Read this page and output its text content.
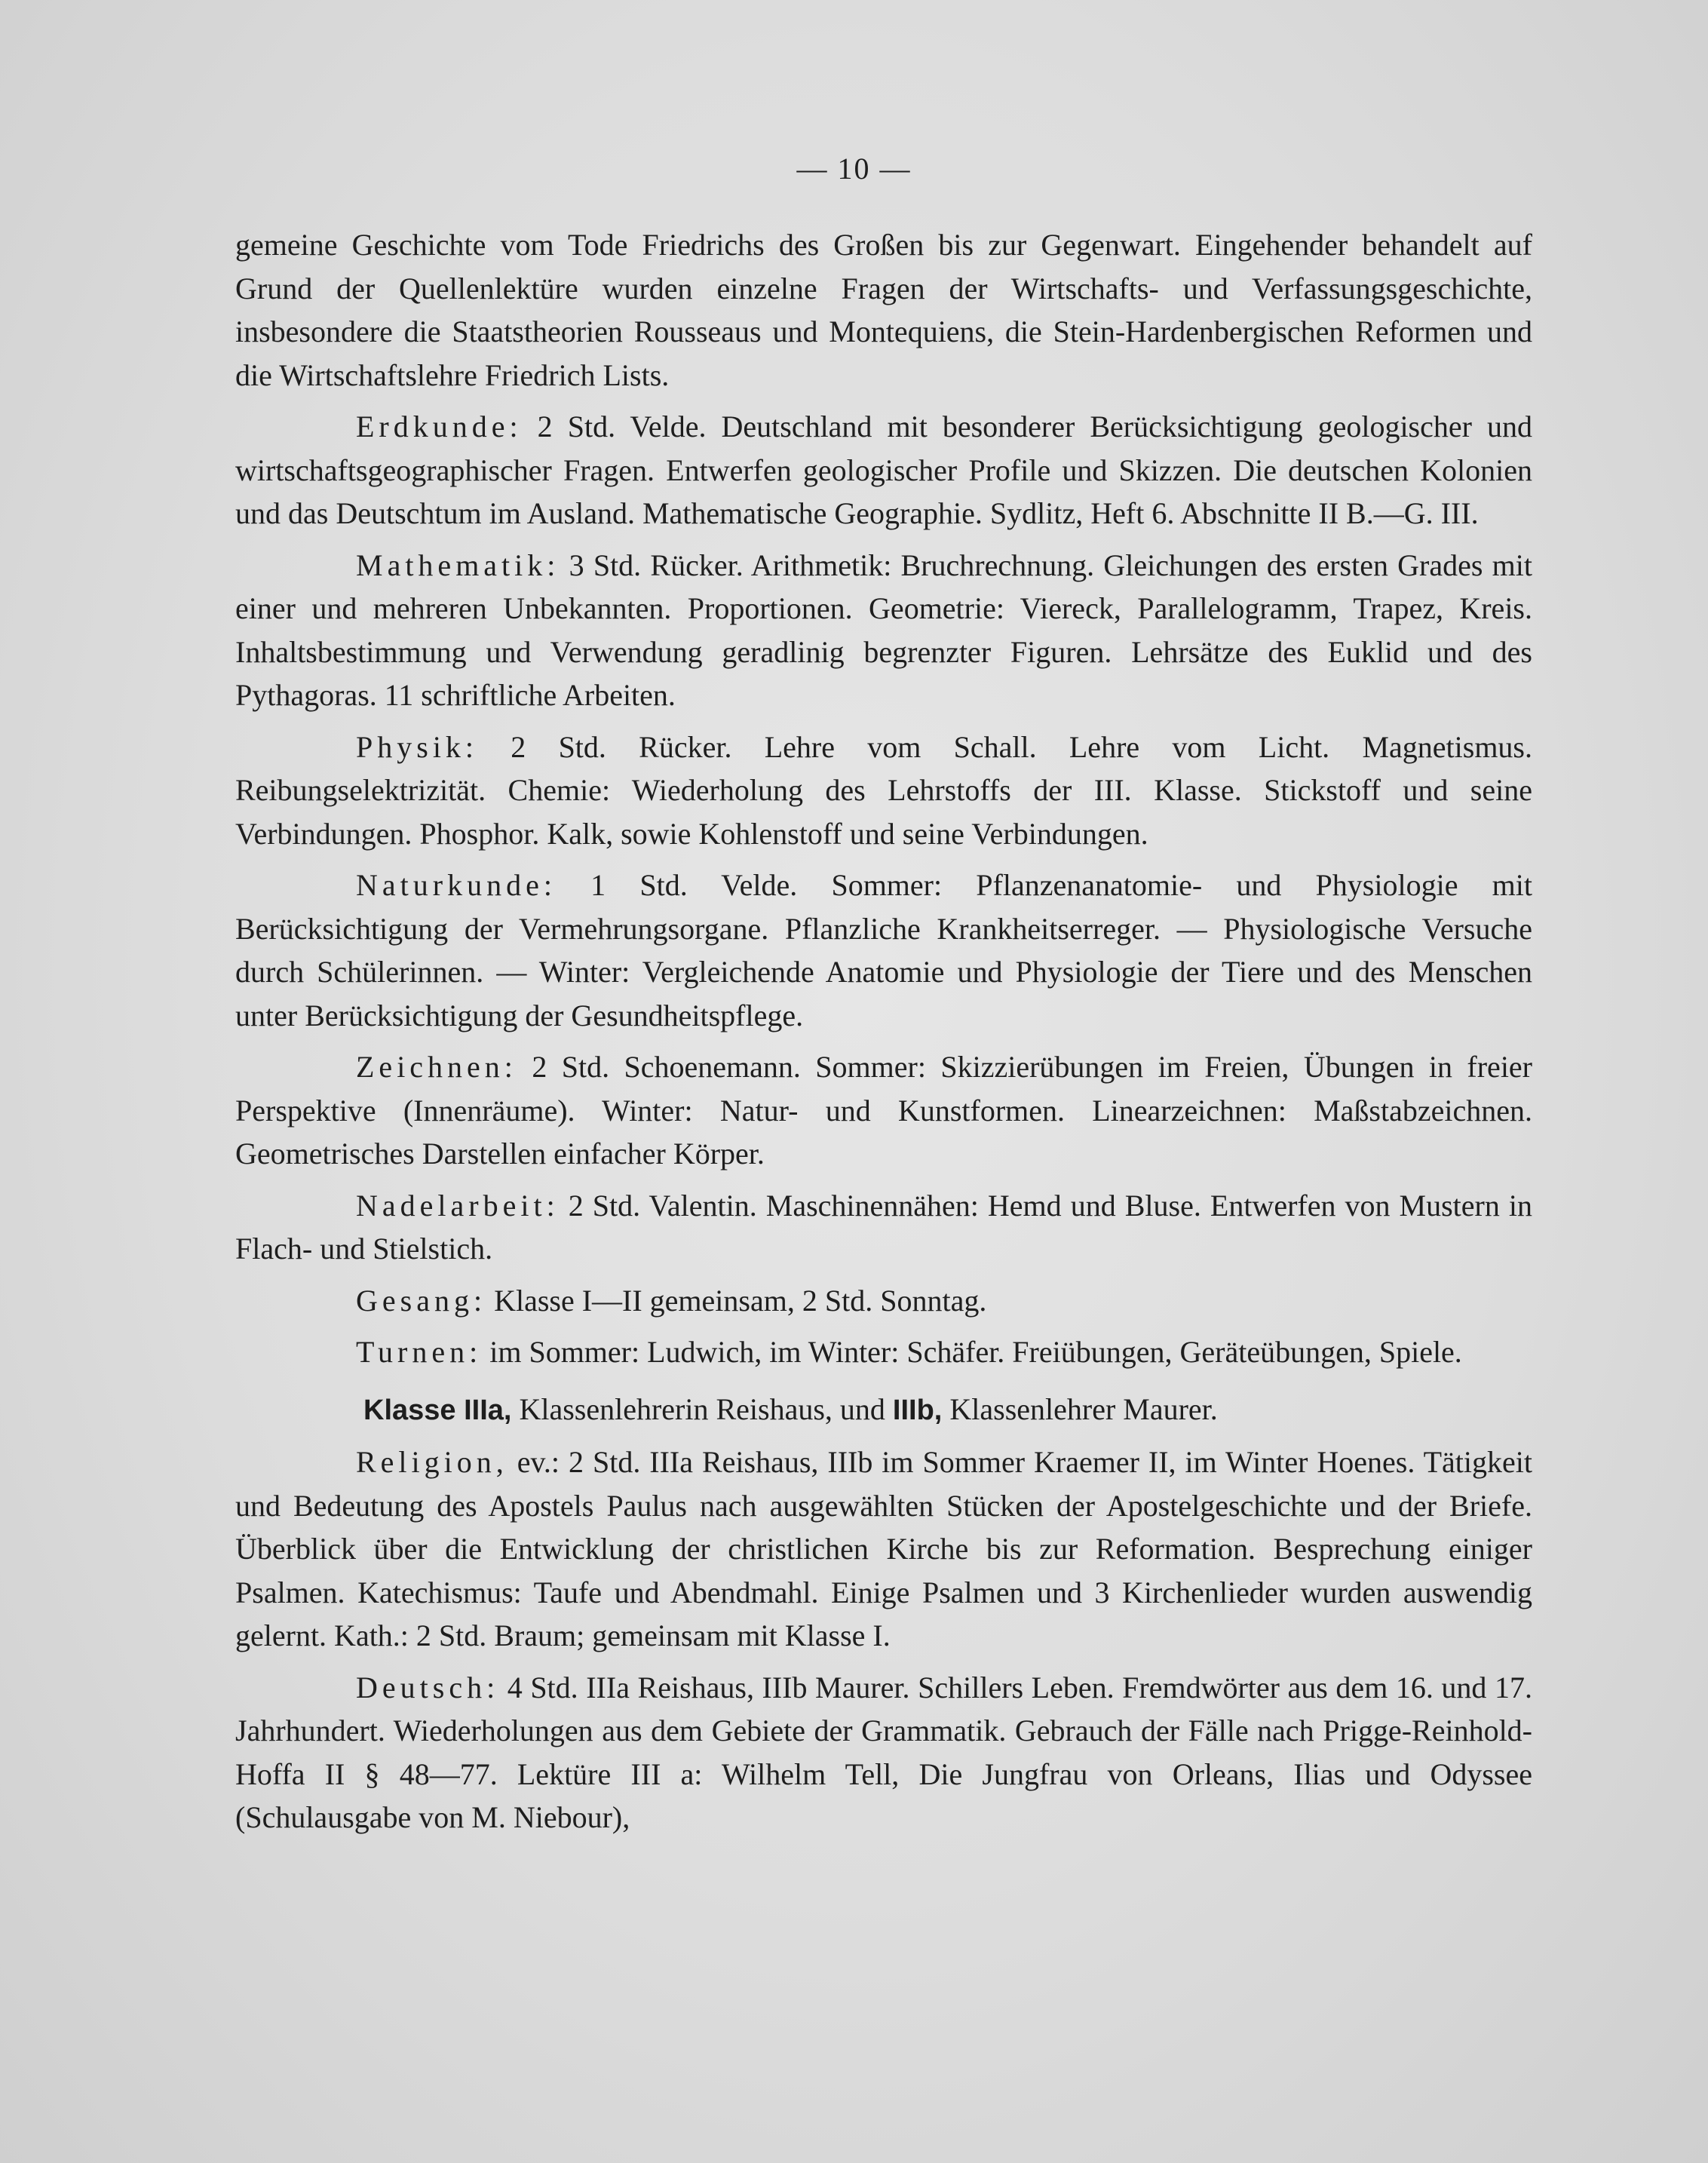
— 10 —

gemeine Geschichte vom Tode Friedrichs des Großen bis zur Gegenwart. Eingehender behandelt auf Grund der Quellenlektüre wurden einzelne Fragen der Wirtschafts- und Verfassungsgeschichte, insbesondere die Staatstheorien Rousseaus und Montequiens, die Stein-Hardenbergischen Reformen und die Wirtschaftslehre Friedrich Lists.

Erdkunde: 2 Std. Velde. Deutschland mit besonderer Berücksichtigung geologischer und wirtschaftsgeographischer Fragen. Entwerfen geologischer Profile und Skizzen. Die deutschen Kolonien und das Deutschtum im Ausland. Mathematische Geographie. Sydlitz, Heft 6. Abschnitte II B.—G. III.

Mathematik: 3 Std. Rücker. Arithmetik: Bruchrechnung. Gleichungen des ersten Grades mit einer und mehreren Unbekannten. Proportionen. Geometrie: Viereck, Parallelogramm, Trapez, Kreis. Inhaltsbestimmung und Verwendung geradlinig begrenzter Figuren. Lehrsätze des Euklid und des Pythagoras. 11 schriftliche Arbeiten.

Physik: 2 Std. Rücker. Lehre vom Schall. Lehre vom Licht. Magnetismus. Reibungselektrizität. Chemie: Wiederholung des Lehrstoffs der III. Klasse. Stickstoff und seine Verbindungen. Phosphor. Kalk, sowie Kohlenstoff und seine Verbindungen.

Naturkunde: 1 Std. Velde. Sommer: Pflanzenanatomie- und Physiologie mit Berücksichtigung der Vermehrungsorgane. Pflanzliche Krankheitserreger. — Physiologische Versuche durch Schülerinnen. — Winter: Vergleichende Anatomie und Physiologie der Tiere und des Menschen unter Berücksichtigung der Gesundheitspflege.

Zeichnen: 2 Std. Schoenemann. Sommer: Skizzierübungen im Freien, Übungen in freier Perspektive (Innenräume). Winter: Natur- und Kunstformen. Linearzeichnen: Maßstabzeichnen. Geometrisches Darstellen einfacher Körper.

Nadelarbeit: 2 Std. Valentin. Maschinennähen: Hemd und Bluse. Entwerfen von Mustern in Flach- und Stielstich.

Gesang: Klasse I—II gemeinsam, 2 Std. Sonntag.

Turnen: im Sommer: Ludwich, im Winter: Schäfer. Freiübungen, Geräteübungen, Spiele.

Klasse IIIa, Klassenlehrerin Reishaus, und IIIb, Klassenlehrer Maurer.

Religion, ev.: 2 Std. IIIa Reishaus, IIIb im Sommer Kraemer II, im Winter Hoenes. Tätigkeit und Bedeutung des Apostels Paulus nach ausgewählten Stücken der Apostelgeschichte und der Briefe. Überblick über die Entwicklung der christlichen Kirche bis zur Reformation. Besprechung einiger Psalmen. Katechismus: Taufe und Abendmahl. Einige Psalmen und 3 Kirchenlieder wurden auswendig gelernt. Kath.: 2 Std. Braum; gemeinsam mit Klasse I.

Deutsch: 4 Std. IIIa Reishaus, IIIb Maurer. Schillers Leben. Fremdwörter aus dem 16. und 17. Jahrhundert. Wiederholungen aus dem Gebiete der Grammatik. Gebrauch der Fälle nach Prigge-Reinhold-Hoffa II § 48—77. Lektüre III a: Wilhelm Tell, Die Jungfrau von Orleans, Ilias und Odyssee (Schulausgabe von M. Niebour),
